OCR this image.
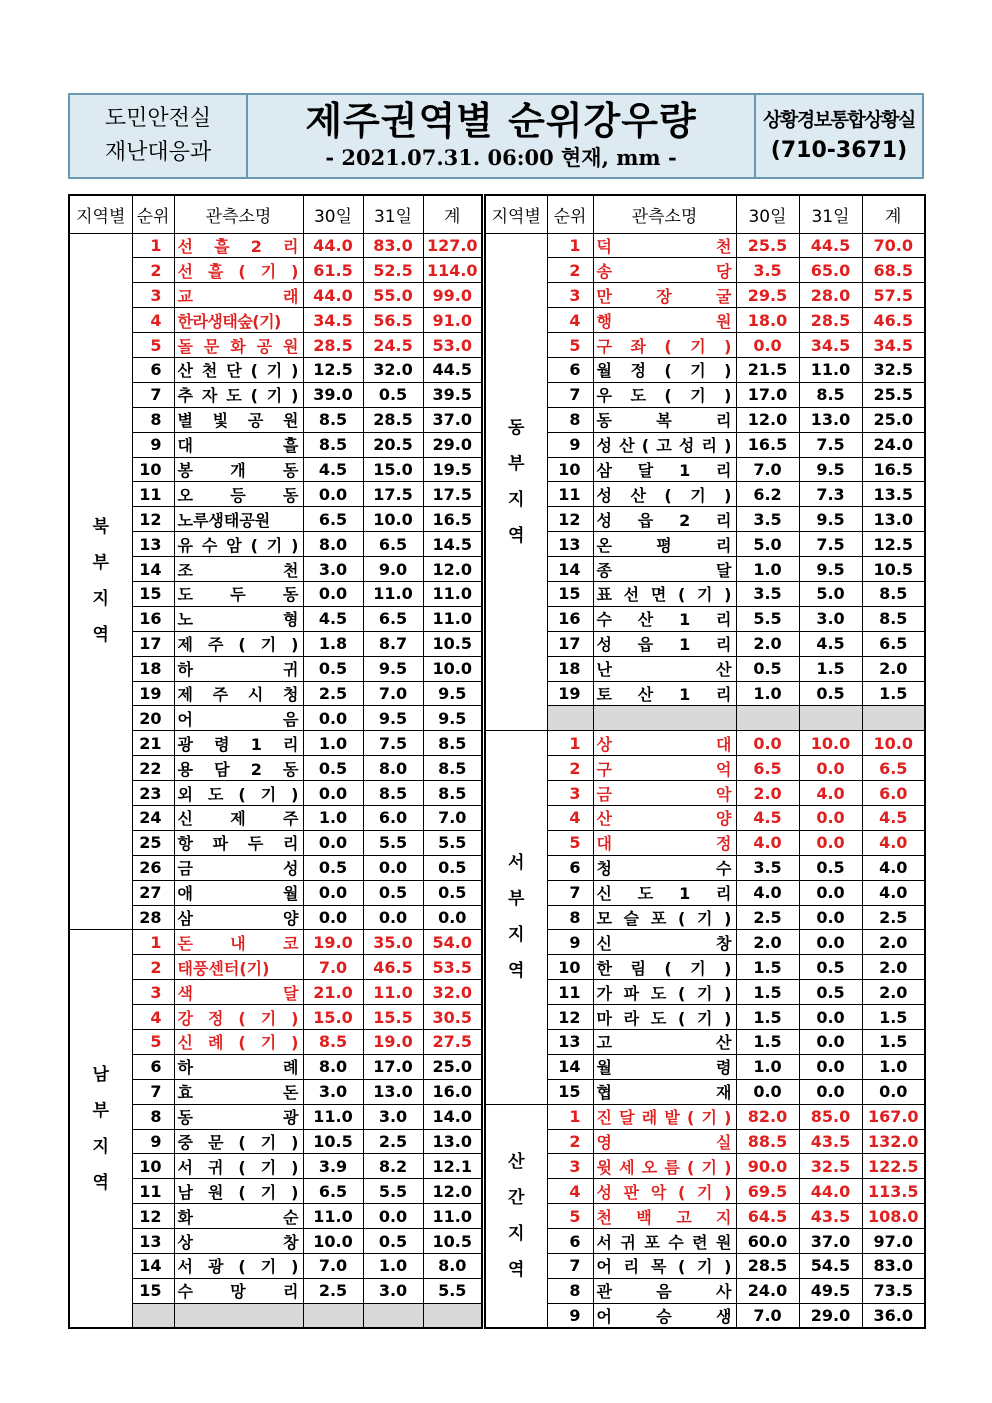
도민안전실
재난대응과
제주권역별 순위강우량
- 2021.07.31. 06:00 현재, mm -
상황경보통합상황실
(710-3671)
지역별	순위	관측소명	30일	31일	계

북
부
지
역	1	선 흘 2 리	44.0	83.0	127.0
	2	선 흘 ( 기 )	61.5	52.5	114.0
	3	교 래	44.0	55.0	99.0
	4	한라생태숲(기)	34.5	56.5	91.0
	5	돌 문 화 공 원	28.5	24.5	53.0
	6	산 천 단 ( 기 )	12.5	32.0	44.5
	7	추 자 도 ( 기 )	39.0	0.5	39.5
	8	별 빛 공 원	8.5	28.5	37.0
	9	대 흘	8.5	20.5	29.0
	10	봉 개 동	4.5	15.0	19.5
	11	오 등 동	0.0	17.5	17.5
	12	노루생태공원	6.5	10.0	16.5
	13	유 수 암 ( 기 )	8.0	6.5	14.5
	14	조 천	3.0	9.0	12.0
	15	도 두 동	0.0	11.0	11.0
	16	노 형	4.5	6.5	11.0
	17	제 주 ( 기 )	1.8	8.7	10.5
	18	하 귀	0.5	9.5	10.0
	19	제 주 시 청	2.5	7.0	9.5
	20	어 음	0.0	9.5	9.5
	21	광 령 1 리	1.0	7.5	8.5
	22	용 담 2 동	0.5	8.0	8.5
	23	외 도 ( 기 )	0.0	8.5	8.5
	24	신 제 주	1.0	6.0	7.0
	25	항 파 두 리	0.0	5.5	5.5
	26	금 성	0.5	0.0	0.5
	27	애 월	0.0	0.5	0.5
	28	삼 양	0.0	0.0	0.0

남
부
지
역	1	돈 내 코	19.0	35.0	54.0
	2	태풍센터(기)	7.0	46.5	53.5
	3	색 달	21.0	11.0	32.0
	4	강 정 ( 기 )	15.0	15.5	30.5
	5	신 례 ( 기 )	8.5	19.0	27.5
	6	하 례	8.0	17.0	25.0
	7	효 돈	3.0	13.0	16.0
	8	동 광	11.0	3.0	14.0
	9	중 문 ( 기 )	10.5	2.5	13.0
	10	서 귀 ( 기 )	3.9	8.2	12.1
	11	남 원 ( 기 )	6.5	5.5	12.0
	12	화 순	11.0	0.0	11.0
	13	상 창	10.0	0.5	10.5
	14	서 광 ( 기 )	7.0	1.0	8.0
	15	수 망 리	2.5	3.0	5.5

지역별	순위	관측소명	30일	31일	계

동
부
지
역	1	덕 천	25.5	44.5	70.0
	2	송 당	3.5	65.0	68.5
	3	만 장 굴	29.5	28.0	57.5
	4	행 원	18.0	28.5	46.5
	5	구 좌 ( 기 )	0.0	34.5	34.5
	6	월 정 ( 기 )	21.5	11.0	32.5
	7	우 도 ( 기 )	17.0	8.5	25.5
	8	동 복 리	12.0	13.0	25.0
	9	성 산 ( 고 성 리 )	16.5	7.5	24.0
	10	삼 달 1 리	7.0	9.5	16.5
	11	성 산 ( 기 )	6.2	7.3	13.5
	12	성 읍 2 리	3.5	9.5	13.0
	13	온 평 리	5.0	7.5	12.5
	14	종 달	1.0	9.5	10.5
	15	표 선 면 ( 기 )	3.5	5.0	8.5
	16	수 산 1 리	5.5	3.0	8.5
	17	성 읍 1 리	2.0	4.5	6.5
	18	난 산	0.5	1.5	2.0
	19	토 산 1 리	1.0	0.5	1.5

서
부
지
역	1	상 대	0.0	10.0	10.0
	2	구 억	6.5	0.0	6.5
	3	금 악	2.0	4.0	6.0
	4	산 양	4.5	0.0	4.5
	5	대 정	4.0	0.0	4.0
	6	청 수	3.5	0.5	4.0
	7	신 도 1 리	4.0	0.0	4.0
	8	모 슬 포 ( 기 )	2.5	0.0	2.5
	9	신 창	2.0	0.0	2.0
	10	한 림 ( 기 )	1.5	0.5	2.0
	11	가 파 도 ( 기 )	1.5	0.5	2.0
	12	마 라 도 ( 기 )	1.5	0.0	1.5
	13	고 산	1.5	0.0	1.5
	14	월 령	1.0	0.0	1.0
	15	협 재	0.0	0.0	0.0

산
간
지
역	1	진 달 래 밭 ( 기 )	82.0	85.0	167.0
	2	영 실	88.5	43.5	132.0
	3	윗 세 오 름 ( 기 )	90.0	32.5	122.5
	4	성 판 악 ( 기 )	69.5	44.0	113.5
	5	천 백 고 지	64.5	43.5	108.0
	6	서 귀 포 수 련 원	60.0	37.0	97.0
	7	어 리 목 ( 기 )	28.5	54.5	83.0
	8	관 음 사	24.0	49.5	73.5
	9	어 승 생	7.0	29.0	36.0
